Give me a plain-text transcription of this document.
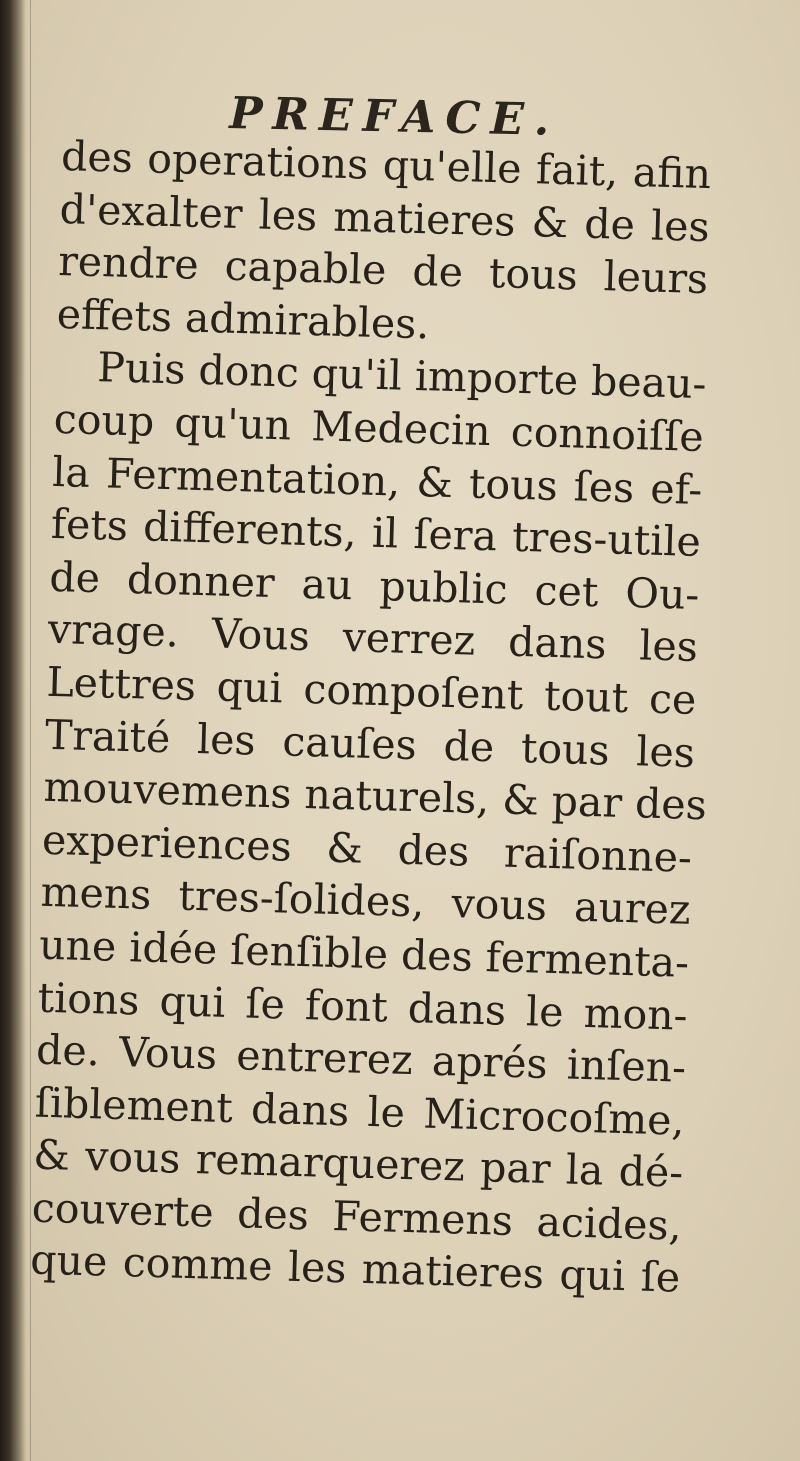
PREFACE.
des operations qu'elle fait, afin
d'exalter les matieres & de les
rendre capable de tous leurs
effets admirables.
Puis donc qu'il importe beau-
coup qu'un Medecin connoiſſe
la Fermentation, & tous ſes ef-
fets differents, il ſera tres-utile
de donner au public cet Ou-
vrage. Vous verrez dans les
Lettres qui compoſent tout ce
Traité les cauſes de tous les
mouvemens naturels, & par des
experiences & des raiſonne-
mens tres-ſolides, vous aurez
une idée ſenſible des fermenta-
tions qui ſe font dans le mon-
de. Vous entrerez aprés inſen-
ſiblement dans le Microcoſme,
& vous remarquerez par la dé-
couverte des Fermens acides,
que comme les matieres qui ſe
